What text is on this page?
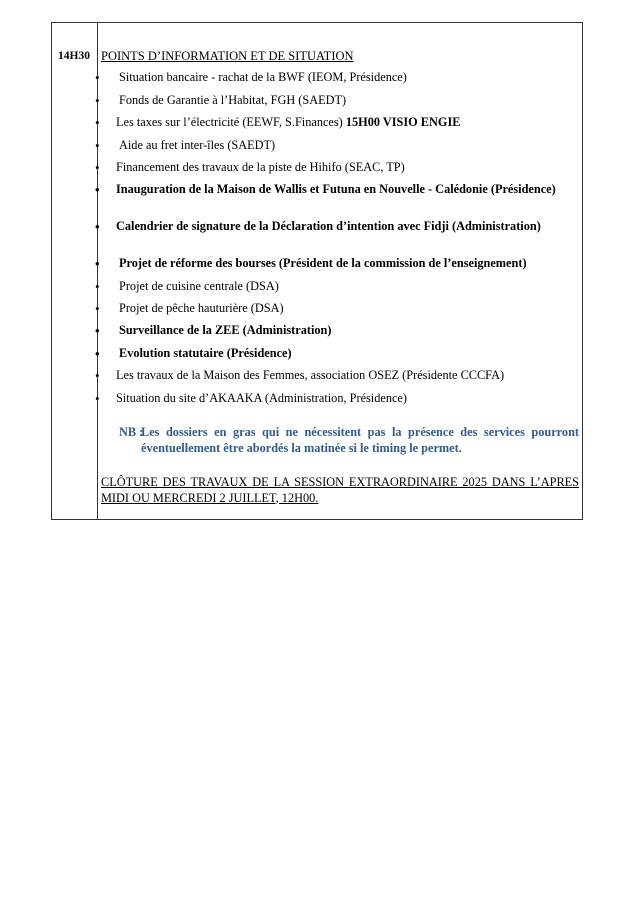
14H30 POINTS D’INFORMATION ET DE SITUATION
• Situation bancaire - rachat de la BWF (IEOM, Présidence)
• Fonds de Garantie à l’Habitat, FGH (SAEDT)
• Les taxes sur l’électricité (EEWF, S.Finances) 15H00 VISIO ENGIE
• Aide au fret inter-îles (SAEDT)
• Financement des travaux de la piste de Hihifo (SEAC, TP)
• Inauguration de la Maison de Wallis et Futuna en Nouvelle - Calédonie (Présidence)
• Calendrier de signature de la Déclaration d’intention avec Fidji (Administration)
• Projet de réforme des bourses (Président de la commission de l’enseignement)
• Projet de cuisine centrale (DSA)
• Projet de pêche hauturière (DSA)
• Surveillance de la ZEE (Administration)
• Evolution statutaire (Présidence)
• Les travaux de la Maison des Femmes, association OSEZ (Présidente CCCFA)
• Situation du site d’AKAAKA (Administration, Présidence)
NB :
Les dossiers en gras qui ne nécessitent pas la présence des services pourront éventuellement être abordés la matinée si le timing le permet.
CLÔTURE DES TRAVAUX DE LA SESSION EXTRAORDINAIRE 2025 DANS L’APRES MIDI OU MERCREDI 2 JUILLET, 12H00.
